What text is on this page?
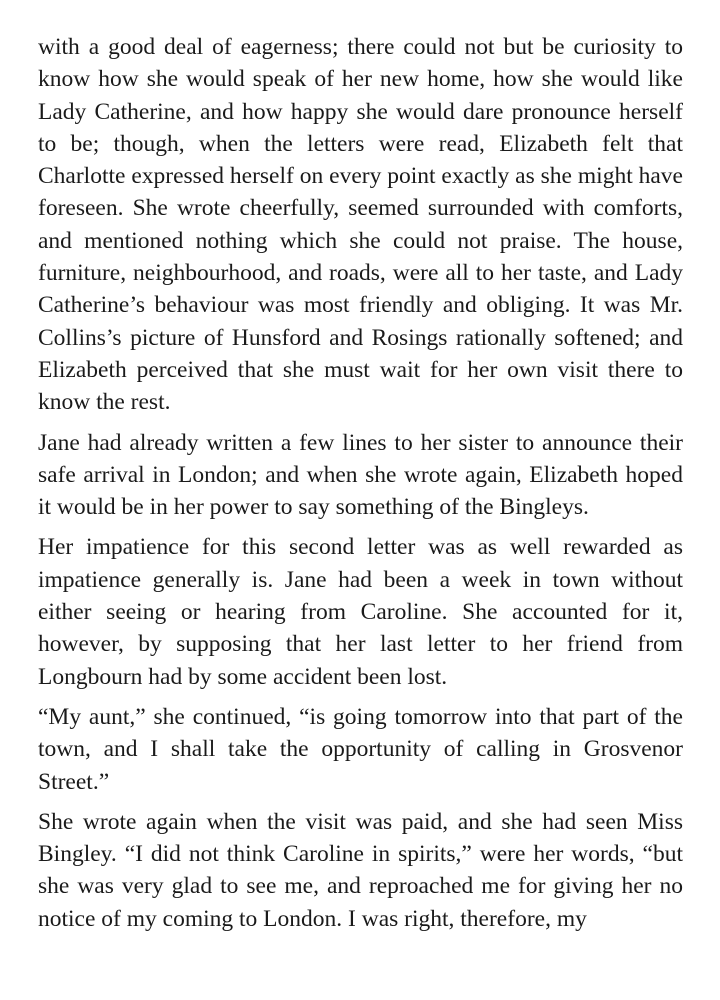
with a good deal of eagerness; there could not but be curiosity to know how she would speak of her new home, how she would like Lady Catherine, and how happy she would dare pronounce herself to be; though, when the letters were read, Elizabeth felt that Charlotte expressed herself on every point exactly as she might have foreseen. She wrote cheerfully, seemed surrounded with comforts, and mentioned nothing which she could not praise. The house, furniture, neighbourhood, and roads, were all to her taste, and Lady Catherine’s behaviour was most friendly and obliging. It was Mr. Collins’s picture of Hunsford and Rosings rationally softened; and Elizabeth perceived that she must wait for her own visit there to know the rest.

Jane had already written a few lines to her sister to announce their safe arrival in London; and when she wrote again, Elizabeth hoped it would be in her power to say something of the Bingleys.

Her impatience for this second letter was as well rewarded as impatience generally is. Jane had been a week in town without either seeing or hearing from Caroline. She accounted for it, however, by supposing that her last letter to her friend from Longbourn had by some accident been lost.

“My aunt,” she continued, “is going tomorrow into that part of the town, and I shall take the opportunity of calling in Grosvenor Street.”

She wrote again when the visit was paid, and she had seen Miss Bingley. “I did not think Caroline in spirits,” were her words, “but she was very glad to see me, and reproached me for giving her no notice of my coming to London. I was right, therefore, my
